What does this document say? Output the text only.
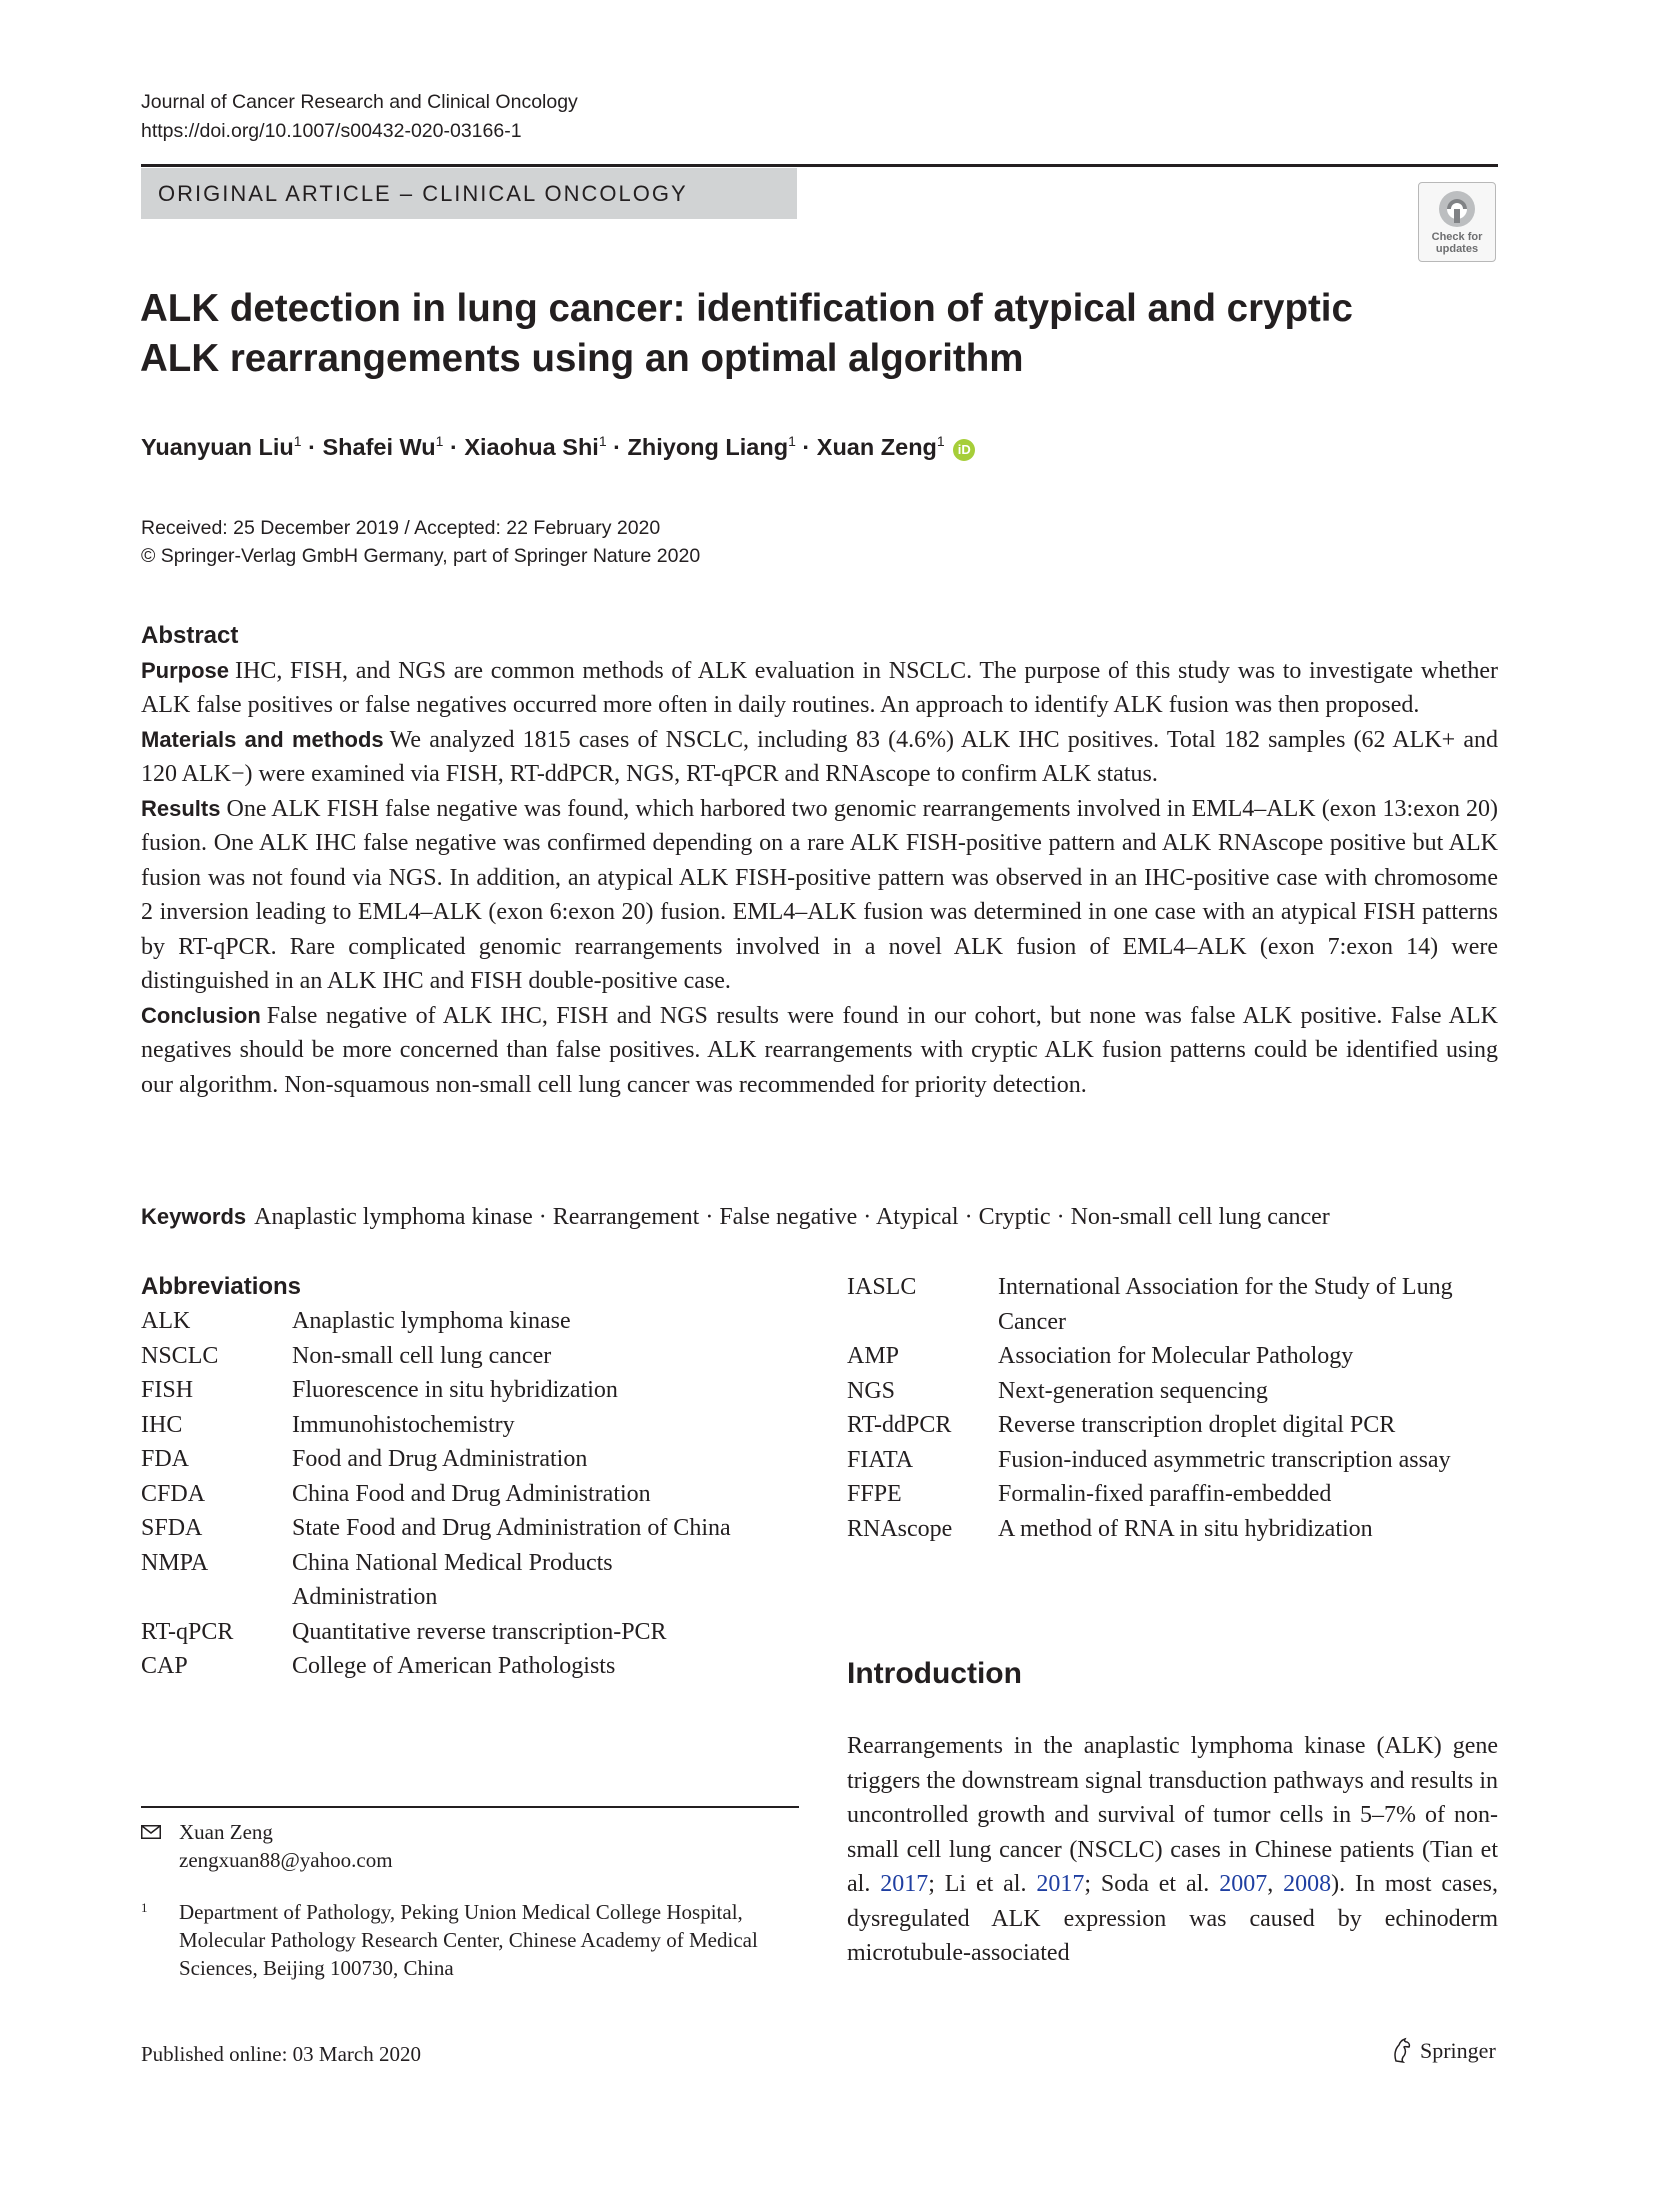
Journal of Cancer Research and Clinical Oncology
https://doi.org/10.1007/s00432-020-03166-1
ORIGINAL ARTICLE – CLINICAL ONCOLOGY
Check for
updates
ALK detection in lung cancer: identification of atypical and cryptic ALK rearrangements using an optimal algorithm
Yuanyuan Liu$^1$ · Shafei $Wu^1$ · Xiaohua Shi$^1$ · Zhiyong Liang$^1$ · Xuan Zeng$^1$ iD
Received: 25 December 2019 / Accepted: 22 February 2020
© Springer-Verlag GmbH Germany, part of Springer Nature 2020
Abstract

Purpose IHC, FISH, and NGS are common methods of ALK evaluation in NSCLC. The purpose of this study was to investigate whether ALK false positives or false negatives occurred more often in daily routines. An approach to identify ALK fusion was then proposed.

Materials and methods We analyzed 1815 cases of NSCLC, including 83 (4.6%) ALK IHC positives. Total 182 samples (62 ALK+ and 120 ALK−) were examined via FISH, RT-ddPCR, NGS, RT-qPCR and RNAscope to confirm ALK status.

Results One ALK FISH false negative was found, which harbored two genomic rearrangements involved in EML4–ALK (exon 13:exon 20) fusion. One ALK IHC false negative was confirmed depending on a rare ALK FISH-positive pattern and ALK RNAscope positive but ALK fusion was not found via NGS. In addition, an atypical ALK FISH-positive pattern was observed in an IHC-positive case with chromosome 2 inversion leading to EML4–ALK (exon 6:exon 20) fusion. EML4–ALK fusion was determined in one case with an atypical FISH patterns by RT-qPCR. Rare complicated genomic rearrangements involved in a novel ALK fusion of EML4–ALK (exon 7:exon 14) were distinguished in an ALK IHC and FISH double-positive case.

Conclusion False negative of ALK IHC, FISH and NGS results were found in our cohort, but none was false ALK positive. False ALK negatives should be more concerned than false positives. ALK rearrangements with cryptic ALK fusion patterns could be identified using our algorithm. Non-squamous non-small cell lung cancer was recommended for priority detection.

Keywords Anaplastic lymphoma kinase · Rearrangement · False negative · Atypical · Cryptic · Non-small cell lung cancer
Abbreviations
ALK	Anaplastic lymphoma kinase
NSCLC	Non-small cell lung cancer
FISH	Fluorescence in situ hybridization
IHC	Immunohistochemistry
FDA	Food and Drug Administration
CFDA	China Food and Drug Administration
SFDA	State Food and Drug Administration of China
NMPA	China National Medical Products Administration
RT-qPCR	Quantitative reverse transcription-PCR
CAP	College of American Pathologists
IASLC	International Association for the Study of Lung Cancer
AMP	Association for Molecular Pathology
NGS	Next-generation sequencing
RT-ddPCR	Reverse transcription droplet digital PCR
FIATA	Fusion-induced asymmetric transcription assay
FFPE	Formalin-fixed paraffin-embedded
RNAscope	A method of RNA in situ hybridization
Introduction
Rearrangements in the anaplastic lymphoma kinase (ALK) gene triggers the downstream signal transduction pathways and results in uncontrolled growth and survival of tumor cells in 5–7% of non-small cell lung cancer (NSCLC) cases in Chinese patients (Tian et al. 2017; Li et al. 2017; Soda et al. 2007, 2008). In most cases, dysregulated ALK expression was caused by echinoderm microtubule-associated
Xuan Zeng
zengxuan88@yahoo.com
1 Department of Pathology, Peking Union Medical College Hospital, Molecular Pathology Research Center, Chinese Academy of Medical Sciences, Beijing 100730, China
Published online: 03 March 2020	Springer
